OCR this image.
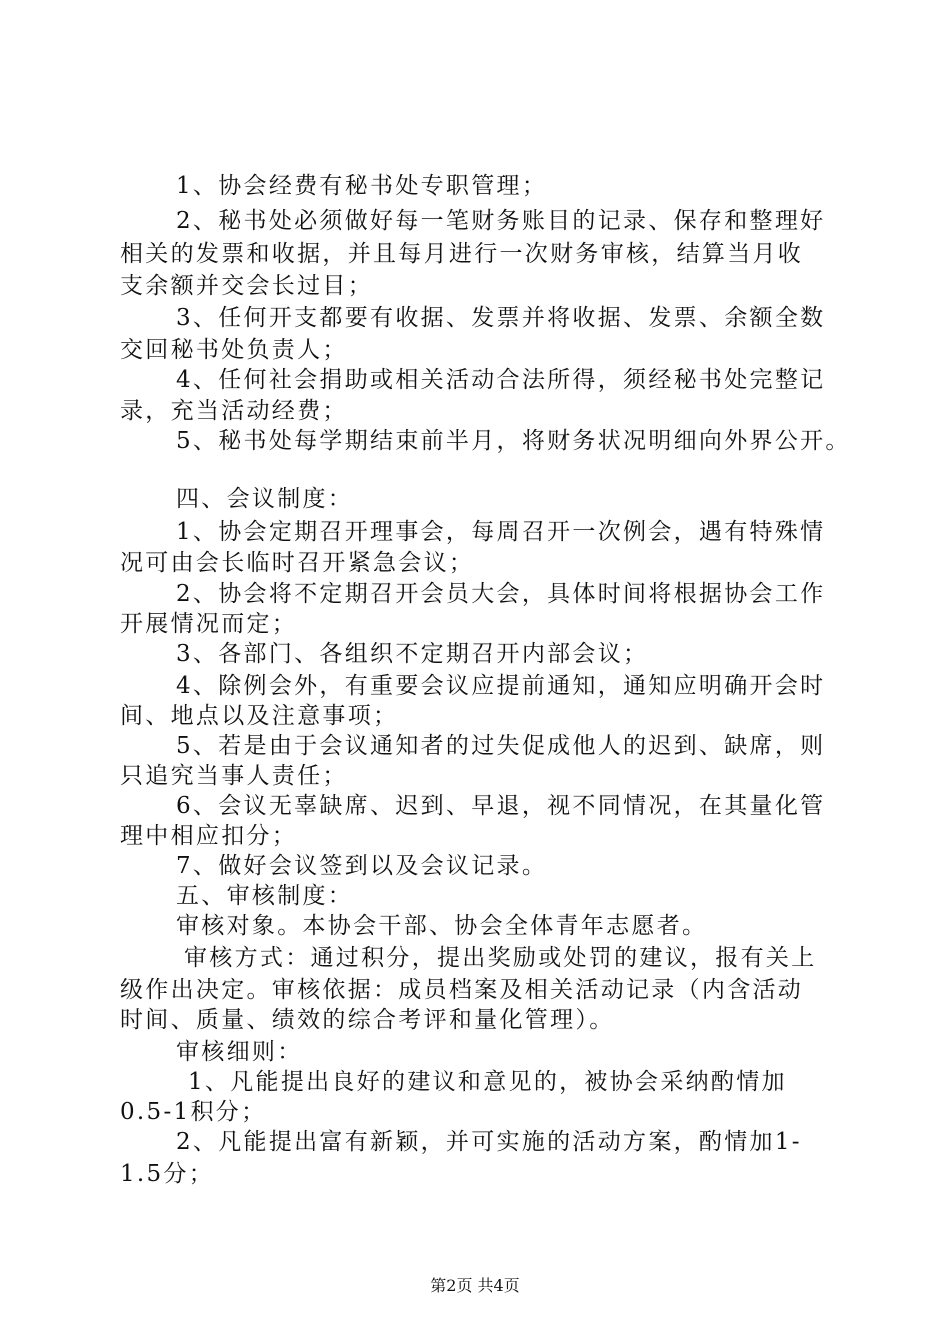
1、协会经费有秘书处专职管理；
2、秘书处必须做好每一笔财务账目的记录、保存和整理好
相关的发票和收据，并且每月进行一次财务审核，结算当月收
支余额并交会长过目；
3、任何开支都要有收据、发票并将收据、发票、余额全数
交回秘书处负责人；
4、任何社会捐助或相关活动合法所得，须经秘书处完整记
录，充当活动经费；
5、秘书处每学期结束前半月，将财务状况明细向外界公开。
四、会议制度：
1、协会定期召开理事会，每周召开一次例会，遇有特殊情
况可由会长临时召开紧急会议；
2、协会将不定期召开会员大会，具体时间将根据协会工作
开展情况而定；
3、各部门、各组织不定期召开内部会议；
4、除例会外，有重要会议应提前通知，通知应明确开会时
间、地点以及注意事项；
5、若是由于会议通知者的过失促成他人的迟到、缺席，则
只追究当事人责任；
6、会议无辜缺席、迟到、早退，视不同情况，在其量化管
理中相应扣分；
7、做好会议签到以及会议记录。
五、审核制度：
审核对象。本协会干部、协会全体青年志愿者。
审核方式：通过积分，提出奖励或处罚的建议，报有关上
级作出决定。审核依据：成员档案及相关活动记录（内含活动
时间、质量、绩效的综合考评和量化管理）。
审核细则：
1、凡能提出良好的建议和意见的，被协会采纳酌情加
0.5-1积分；
2、凡能提出富有新颖，并可实施的活动方案，酌情加1-
1.5分；
第2页 共4页
